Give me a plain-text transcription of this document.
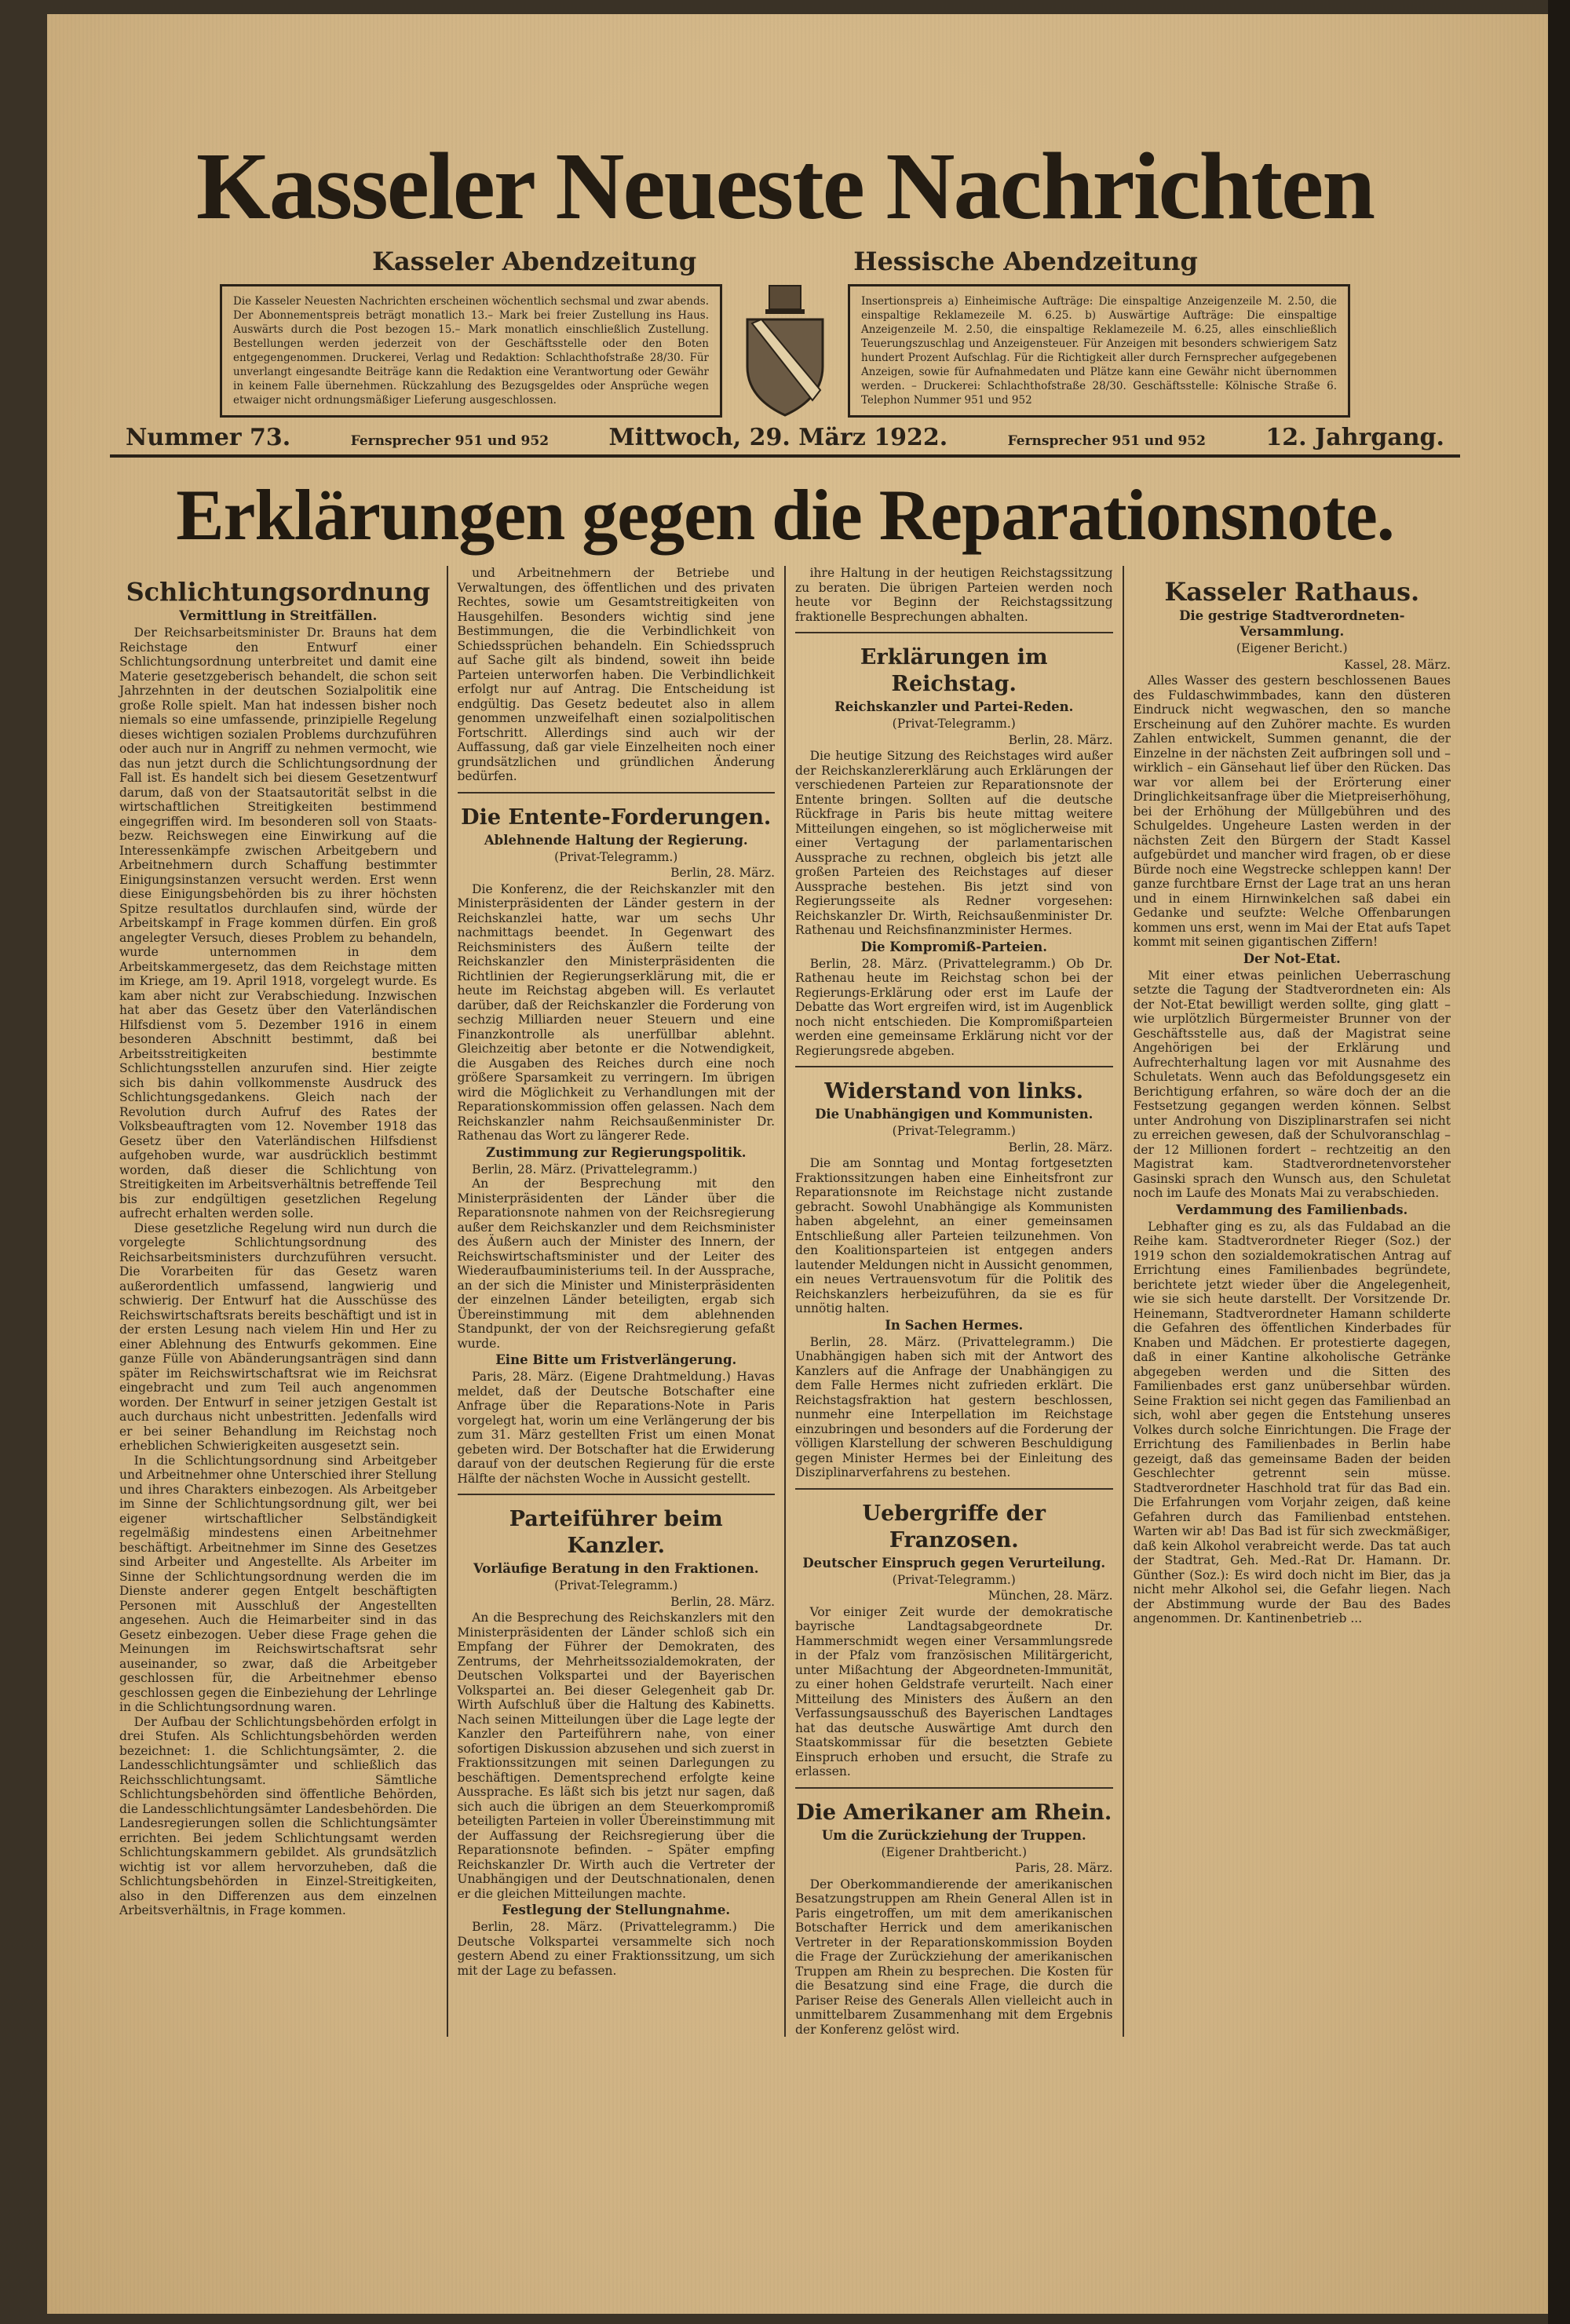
Kasseler Neueste Nachrichten
Kasseler Abendzeitung	Hessische Abendzeitung
Die Kasseler Neuesten Nachrichten erscheinen wöchentlich sechsmal und zwar abends. Der Abonnementspreis beträgt monatlich 13.– Mark bei freier Zustellung ins Haus. Auswärts durch die Post bezogen 15.– Mark monatlich einschließlich Zustellung. Bestellungen werden jederzeit von der Geschäftsstelle oder den Boten entgegengenommen. Druckerei, Verlag und Redaktion: Schlachthofstraße 28/30. Für unverlangt eingesandte Beiträge kann die Redaktion eine Verantwortung oder Gewähr in keinem Falle übernehmen. Rückzahlung des Bezugsgeldes oder Ansprüche wegen etwaiger nicht ordnungsmäßiger Lieferung ausgeschlossen.
Insertionspreis a) Einheimische Aufträge: Die einspaltige Anzeigenzeile M. 2.50, die einspaltige Reklamezeile M. 6.25. b) Auswärtige Aufträge: Die einspaltige Anzeigenzeile M. 2.50, die einspaltige Reklamezeile M. 6.25, alles einschließlich Teuerungszuschlag und Anzeigensteuer. Für Anzeigen mit besonders schwierigem Satz hundert Prozent Aufschlag. Für die Richtigkeit aller durch Fernsprecher aufgegebenen Anzeigen, sowie für Aufnahmedaten und Plätze kann eine Gewähr nicht übernommen werden. – Druckerei: Schlachthofstraße 28/30. Geschäftsstelle: Kölnische Straße 6. Telephon Nummer 951 und 952
Nummer 73.	Fernsprecher 951 und 952	Mittwoch, 29. März 1922.	Fernsprecher 951 und 952	12. Jahrgang.
Erklärungen gegen die Reparationsnote.
Schlichtungsordnung
Vermittlung in Streitfällen.

Der Reichsarbeitsminister Dr. Brauns hat dem Reichstage den Entwurf einer Schlichtungsordnung unterbreitet und damit eine Materie gesetzgeberisch behandelt, die schon seit Jahrzehnten in der deutschen Sozialpolitik eine große Rolle spielt. Man hat indessen bisher noch niemals so eine umfassende, prinzipielle Regelung dieses wichtigen sozialen Problems durchzuführen oder auch nur in Angriff zu nehmen vermocht, wie das nun jetzt durch die Schlichtungsordnung der Fall ist. Es handelt sich bei diesem Gesetzentwurf darum, daß von der Staatsautorität selbst in die wirtschaftlichen Streitigkeiten bestimmend eingegriffen wird. Im besonderen soll von Staats- bezw. Reichswegen eine Einwirkung auf die Interessenkämpfe zwischen Arbeitgebern und Arbeitnehmern durch Schaffung bestimmter Einigungsinstanzen versucht werden. Erst wenn diese Einigungsbehörden bis zu ihrer höchsten Spitze resultatlos durchlaufen sind, würde der Arbeitskampf in Frage kommen dürfen. Ein groß angelegter Versuch, dieses Problem zu behandeln, wurde unternommen in dem Arbeitskammergesetz, das dem Reichstage mitten im Kriege, am 19. April 1918, vorgelegt wurde. Es kam aber nicht zur Verabschiedung. Inzwischen hat aber das Gesetz über den Vaterländischen Hilfsdienst vom 5. Dezember 1916 in einem besonderen Abschnitt bestimmt, daß bei Arbeitsstreitigkeiten bestimmte Schlichtungsstellen anzurufen sind. Hier zeigte sich bis dahin vollkommenste Ausdruck des Schlichtungsgedankens. Gleich nach der Revolution durch Aufruf des Rates der Volksbeauftragten vom 12. November 1918 das Gesetz über den Vaterländischen Hilfsdienst aufgehoben wurde, war ausdrücklich bestimmt worden, daß dieser die Schlichtung von Streitigkeiten im Arbeitsverhältnis betreffende Teil bis zur endgültigen gesetzlichen Regelung aufrecht erhalten werden solle.

Diese gesetzliche Regelung wird nun durch die vorgelegte Schlichtungsordnung des Reichsarbeitsministers durchzuführen versucht. Die Vorarbeiten für das Gesetz waren außerordentlich umfassend, langwierig und schwierig. Der Entwurf hat die Ausschüsse des Reichswirtschaftsrats bereits beschäftigt und ist in der ersten Lesung nach vielem Hin und Her zu einer Ablehnung des Entwurfs gekommen. Eine ganze Fülle von Abänderungsanträgen sind dann später im Reichswirtschaftsrat wie im Reichsrat eingebracht und zum Teil auch angenommen worden. Der Entwurf in seiner jetzigen Gestalt ist auch durchaus nicht unbestritten. Jedenfalls wird er bei seiner Behandlung im Reichstag noch erheblichen Schwierigkeiten ausgesetzt sein.

In die Schlichtungsordnung sind Arbeitgeber und Arbeitnehmer ohne Unterschied ihrer Stellung und ihres Charakters einbezogen. Als Arbeitgeber im Sinne der Schlichtungsordnung gilt, wer bei eigener wirtschaftlicher Selbständigkeit regelmäßig mindestens einen Arbeitnehmer beschäftigt. Arbeitnehmer im Sinne des Gesetzes sind Arbeiter und Angestellte. Als Arbeiter im Sinne der Schlichtungsordnung werden die im Dienste anderer gegen Entgelt beschäftigten Personen mit Ausschluß der Angestellten angesehen. Auch die Heimarbeiter sind in das Gesetz einbezogen. Ueber diese Frage gehen die Meinungen im Reichswirtschaftsrat sehr auseinander, so zwar, daß die Arbeitgeber geschlossen für, die Arbeitnehmer ebenso geschlossen gegen die Einbeziehung der Lehrlinge in die Schlichtungsordnung waren.

Der Aufbau der Schlichtungsbehörden erfolgt in drei Stufen. Als Schlichtungsbehörden werden bezeichnet: 1. die Schlichtungsämter, 2. die Landesschlichtungsämter und schließlich das Reichsschlichtungsamt. Sämtliche Schlichtungsbehörden sind öffentliche Behörden, die Landesschlichtungsämter Landesbehörden. Die Landesregierungen sollen die Schlichtungsämter errichten. Bei jedem Schlichtungsamt werden Schlichtungskammern gebildet. Als grundsätzlich wichtig ist vor allem hervorzuheben, daß die Schlichtungsbehörden in Einzel-Streitigkeiten, also in den Differenzen aus dem einzelnen Arbeitsverhältnis, in Frage kommen.

und Arbeitnehmern der Betriebe und Verwaltungen, des öffentlichen und des privaten Rechtes, sowie um Gesamtstreitigkeiten von Hausgehilfen. Besonders wichtig sind jene Bestimmungen, die die Verbindlichkeit von Schiedssprüchen behandeln. Ein Schiedsspruch auf Sache gilt als bindend, soweit ihn beide Parteien unterworfen haben. Die Verbindlichkeit erfolgt nur auf Antrag. Die Entscheidung ist endgültig. Das Gesetz bedeutet also in allem genommen unzweifelhaft einen sozialpolitischen Fortschritt. Allerdings sind auch wir der Auffassung, daß gar viele Einzelheiten noch einer grundsätzlichen und gründlichen Änderung bedürfen.

Die Entente-Forderungen.
Ablehnende Haltung der Regierung.
(Privat-Telegramm.)
Berlin, 28. März.

Die Konferenz, die der Reichskanzler mit den Ministerpräsidenten der Länder gestern in der Reichskanzlei hatte, war um sechs Uhr nachmittags beendet. In Gegenwart des Reichsministers des Äußern teilte der Reichskanzler den Ministerpräsidenten die Richtlinien der Regierungserklärung mit, die er heute im Reichstag abgeben will. Es verlautet darüber, daß der Reichskanzler die Forderung von sechzig Milliarden neuer Steuern und eine Finanzkontrolle als unerfüllbar ablehnt. Gleichzeitig aber betonte er die Notwendigkeit, die Ausgaben des Reiches durch eine noch größere Sparsamkeit zu verringern. Im übrigen wird die Möglichkeit zu Verhandlungen mit der Reparationskommission offen gelassen. Nach dem Reichskanzler nahm Reichsaußenminister Dr. Rathenau das Wort zu längerer Rede.

Zustimmung zur Regierungspolitik.

Berlin, 28. März. (Privattelegramm.)

An der Besprechung mit den Ministerpräsidenten der Länder über die Reparationsnote nahmen von der Reichsregierung außer dem Reichskanzler und dem Reichsminister des Äußern auch der Minister des Innern, der Reichswirtschaftsminister und der Leiter des Wiederaufbauministeriums teil. In der Aussprache, an der sich die Minister und Ministerpräsidenten der einzelnen Länder beteiligten, ergab sich Übereinstimmung mit dem ablehnenden Standpunkt, der von der Reichsregierung gefaßt wurde.

Eine Bitte um Fristverlängerung.

Paris, 28. März. (Eigene Drahtmeldung.) Havas meldet, daß der Deutsche Botschafter eine Anfrage über die Reparations-Note in Paris vorgelegt hat, worin um eine Verlängerung der bis zum 31. März gestellten Frist um einen Monat gebeten wird. Der Botschafter hat die Erwiderung darauf von der deutschen Regierung für die erste Hälfte der nächsten Woche in Aussicht gestellt.

Parteiführer beim Kanzler.
Vorläufige Beratung in den Fraktionen.
(Privat-Telegramm.)
Berlin, 28. März.

An die Besprechung des Reichskanzlers mit den Ministerpräsidenten der Länder schloß sich ein Empfang der Führer der Demokraten, des Zentrums, der Mehrheitssozialdemokraten, der Deutschen Volkspartei und der Bayerischen Volkspartei an. Bei dieser Gelegenheit gab Dr. Wirth Aufschluß über die Haltung des Kabinetts. Nach seinen Mitteilungen über die Lage legte der Kanzler den Parteiführern nahe, von einer sofortigen Diskussion abzusehen und sich zuerst in Fraktionssitzungen mit seinen Darlegungen zu beschäftigen. Dementsprechend erfolgte keine Aussprache. Es läßt sich bis jetzt nur sagen, daß sich auch die übrigen an dem Steuerkompromiß beteiligten Parteien in voller Übereinstimmung mit der Auffassung der Reichsregierung über die Reparationsnote befinden. – Später empfing Reichskanzler Dr. Wirth auch die Vertreter der Unabhängigen und der Deutschnationalen, denen er die gleichen Mitteilungen machte.

Festlegung der Stellungnahme.

Berlin, 28. März. (Privattelegramm.) Die Deutsche Volkspartei versammelte sich noch gestern Abend zu einer Fraktionssitzung, um sich mit der Lage zu befassen.

ihre Haltung in der heutigen Reichstagssitzung zu beraten. Die übrigen Parteien werden noch heute vor Beginn der Reichstagssitzung fraktionelle Besprechungen abhalten.

Erklärungen im Reichstag.
Reichskanzler und Partei-Reden.
(Privat-Telegramm.)
Berlin, 28. März.

Die heutige Sitzung des Reichstages wird außer der Reichskanzlererklärung auch Erklärungen der verschiedenen Parteien zur Reparationsnote der Entente bringen. Sollten auf die deutsche Rückfrage in Paris bis heute mittag weitere Mitteilungen eingehen, so ist möglicherweise mit einer Vertagung der parlamentarischen Aussprache zu rechnen, obgleich bis jetzt alle großen Parteien des Reichstages auf dieser Aussprache bestehen. Bis jetzt sind von Regierungsseite als Redner vorgesehen: Reichskanzler Dr. Wirth, Reichsaußenminister Dr. Rathenau und Reichsfinanzminister Hermes.

Die Kompromiß-Parteien.

Berlin, 28. März. (Privattelegramm.) Ob Dr. Rathenau heute im Reichstag schon bei der Regierungs-Erklärung oder erst im Laufe der Debatte das Wort ergreifen wird, ist im Augenblick noch nicht entschieden. Die Kompromißparteien werden eine gemeinsame Erklärung nicht vor der Regierungsrede abgeben.

Widerstand von links.
Die Unabhängigen und Kommunisten.
(Privat-Telegramm.)
Berlin, 28. März.

Die am Sonntag und Montag fortgesetzten Fraktionssitzungen haben eine Einheitsfront zur Reparationsnote im Reichstage nicht zustande gebracht. Sowohl Unabhängige als Kommunisten haben abgelehnt, an einer gemeinsamen Entschließung aller Parteien teilzunehmen. Von den Koalitionsparteien ist entgegen anders lautender Meldungen nicht in Aussicht genommen, ein neues Vertrauensvotum für die Politik des Reichskanzlers herbeizuführen, da sie es für unnötig halten.

In Sachen Hermes.

Berlin, 28. März. (Privattelegramm.) Die Unabhängigen haben sich mit der Antwort des Kanzlers auf die Anfrage der Unabhängigen zu dem Falle Hermes nicht zufrieden erklärt. Die Reichstagsfraktion hat gestern beschlossen, nunmehr eine Interpellation im Reichstage einzubringen und besonders auf die Forderung der völligen Klarstellung der schweren Beschuldigung gegen Minister Hermes bei der Einleitung des Disziplinarverfahrens zu bestehen.

Uebergriffe der Franzosen.
Deutscher Einspruch gegen Verurteilung.
(Privat-Telegramm.)
München, 28. März.

Vor einiger Zeit wurde der demokratische bayrische Landtagsabgeordnete Dr. Hammerschmidt wegen einer Versammlungsrede in der Pfalz vom französischen Militärgericht, unter Mißachtung der Abgeordneten-Immunität, zu einer hohen Geldstrafe verurteilt. Nach einer Mitteilung des Ministers des Äußern an den Verfassungsausschuß des Bayerischen Landtages hat das deutsche Auswärtige Amt durch den Staatskommissar für die besetzten Gebiete Einspruch erhoben und ersucht, die Strafe zu erlassen.

Die Amerikaner am Rhein.
Um die Zurückziehung der Truppen.
(Eigener Drahtbericht.)
Paris, 28. März.

Der Oberkommandierende der amerikanischen Besatzungstruppen am Rhein General Allen ist in Paris eingetroffen, um mit dem amerikanischen Botschafter Herrick und dem amerikanischen Vertreter in der Reparationskommission Boyden die Frage der Zurückziehung der amerikanischen Truppen am Rhein zu besprechen. Die Kosten für die Besatzung sind eine Frage, die durch die Pariser Reise des Generals Allen vielleicht auch in unmittelbarem Zusammenhang mit dem Ergebnis der Konferenz gelöst wird.

Kasseler Rathaus.
Die gestrige Stadtverordneten-Versammlung.
(Eigener Bericht.)
Kassel, 28. März.

Alles Wasser des gestern beschlossenen Baues des Fuldaschwimmbades, kann den düsteren Eindruck nicht wegwaschen, den so manche Erscheinung auf den Zuhörer machte. Es wurden Zahlen entwickelt, Summen genannt, die der Einzelne in der nächsten Zeit aufbringen soll und – wirklich – ein Gänsehaut lief über den Rücken. Das war vor allem bei der Erörterung einer Dringlichkeitsanfrage über die Mietpreiserhöhung, bei der Erhöhung der Müllgebühren und des Schulgeldes. Ungeheure Lasten werden in der nächsten Zeit den Bürgern der Stadt Kassel aufgebürdet und mancher wird fragen, ob er diese Bürde noch eine Wegstrecke schleppen kann! Der ganze furchtbare Ernst der Lage trat an uns heran und in einem Hirnwinkelchen saß dabei ein Gedanke und seufzte: Welche Offenbarungen kommen uns erst, wenn im Mai der Etat aufs Tapet kommt mit seinen gigantischen Ziffern!

Der Not-Etat.

Mit einer etwas peinlichen Ueberraschung setzte die Tagung der Stadtverordneten ein: Als der Not-Etat bewilligt werden sollte, ging glatt – wie urplötzlich Bürgermeister Brunner von der Geschäftsstelle aus, daß der Magistrat seine Angehörigen bei der Erklärung und Aufrechterhaltung lagen vor mit Ausnahme des Schuletats. Wenn auch das Befoldungsgesetz ein Berichtigung erfahren, so wäre doch der an die Festsetzung gegangen werden können. Selbst unter Androhung von Disziplinarstrafen sei nicht zu erreichen gewesen, daß der Schulvoranschlag – der 12 Millionen fordert – rechtzeitig an den Magistrat kam. Stadtverordnetenvorsteher Gasinski sprach den Wunsch aus, den Schuletat noch im Laufe des Monats Mai zu verabschieden.

Verdammung des Familienbads.

Lebhafter ging es zu, als das Fuldabad an die Reihe kam. Stadtverordneter Rieger (Soz.) der 1919 schon den sozialdemokratischen Antrag auf Errichtung eines Familienbades begründete, berichtete jetzt wieder über die Angelegenheit, wie sie sich heute darstellt. Der Vorsitzende Dr. Heinemann, Stadtverordneter Hamann schilderte die Gefahren des öffentlichen Kinderbades für Knaben und Mädchen. Er protestierte dagegen, daß in einer Kantine alkoholische Getränke abgegeben werden und die Sitten des Familienbades erst ganz unübersehbar würden. Seine Fraktion sei nicht gegen das Familienbad an sich, wohl aber gegen die Entstehung unseres Volkes durch solche Einrichtungen. Die Frage der Errichtung des Familienbades in Berlin habe gezeigt, daß das gemeinsame Baden der beiden Geschlechter getrennt sein müsse. Stadtverordneter Haschhold trat für das Bad ein. Die Erfahrungen vom Vorjahr zeigen, daß keine Gefahren durch das Familienbad entstehen. Warten wir ab! Das Bad ist für sich zweckmäßiger, daß kein Alkohol verabreicht werde. Das tat auch der Stadtrat, Geh. Med.-Rat Dr. Hamann. Dr. Günther (Soz.): Es wird doch nicht im Bier, das ja nicht mehr Alkohol sei, die Gefahr liegen. Nach der Abstimmung wurde der Bau des Bades angenommen. Dr. Kantinenbetrieb ...
